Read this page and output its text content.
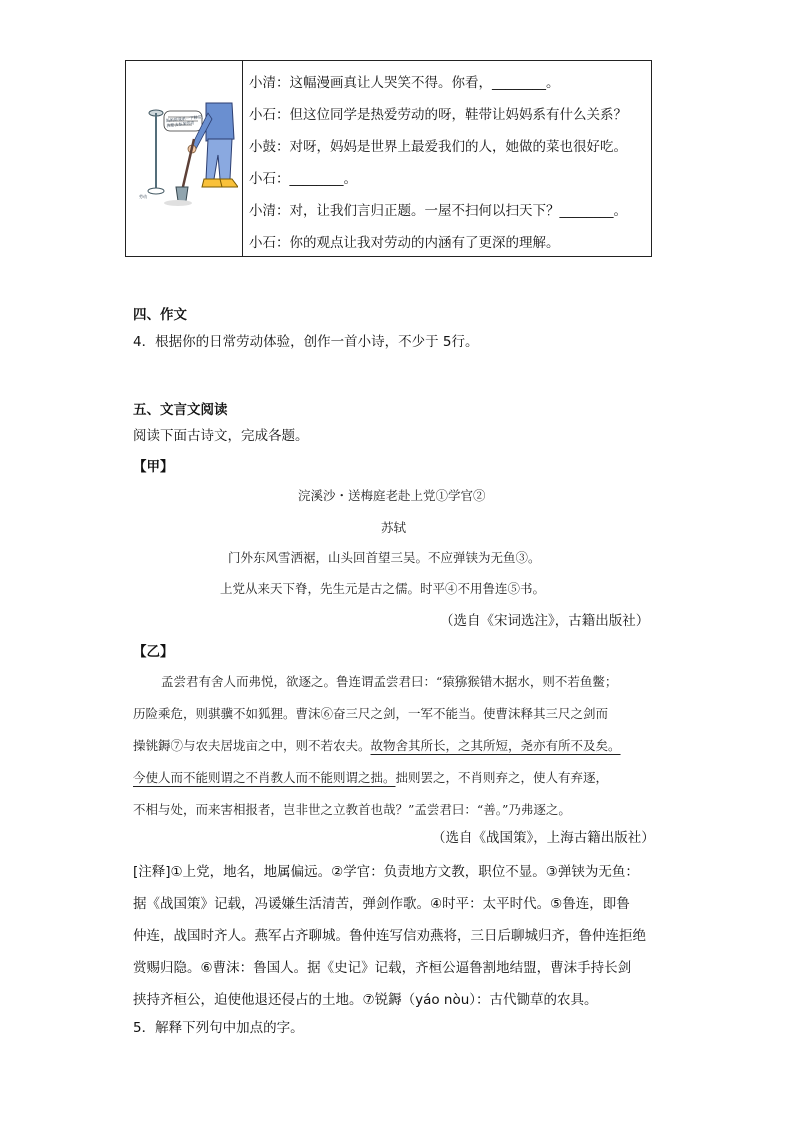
妈妈帮我系一下鞋带，我要去参加劳动
劳动
小清：这幅漫画真让人哭笑不得。你看，________。
小石：但这位同学是热爱劳动的呀，鞋带让妈妈系有什么关系？
小鼓：对呀，妈妈是世界上最爱我们的人，她做的菜也很好吃。
小石：________。
小清：对，让我们言归正题。一屋不扫何以扫天下？________。
小石：你的观点让我对劳动的内涵有了更深的理解。
四、作文
4．根据你的日常劳动体验，创作一首小诗，不少于 5行。
五、文言文阅读
阅读下面古诗文，完成各题。
【甲】
浣溪沙・送梅庭老赴上党①学官②
苏轼
门外东风雪洒裾，山头回首望三吴。不应弹铗为无鱼③。
上党从来天下脊，先生元是古之儒。时平④不用鲁连⑤书。
（选自《宋词选注》，古籍出版社）
【乙】
孟尝君有舍人而弗悦，欲逐之。鲁连谓孟尝君曰：“猿猕猴错木据水，则不若鱼鳖；
历险乘危，则骐骥不如狐狸。曹沫⑥奋三尺之剑，一军不能当。使曹沫释其三尺之剑而
操铫鎒⑦与农夫居垅亩之中，则不若农夫。故物舍其所长，之其所短，尧亦有所不及矣。
今使人而不能则谓之不肖教人而不能则谓之拙。拙则罢之，不肖则弃之，使人有弃逐，
不相与处，而来害相报者，岂非世之立教首也哉？”孟尝君曰：“善。”乃弗逐之。
（选自《战国策》，上海古籍出版社）

[注释]①上党，地名，地属偏远。②学官：负责地方文教，职位不显。③弹铗为无鱼：

据《战国策》记载，冯谖嫌生活清苦，弹剑作歌。④时平：太平时代。⑤鲁连，即鲁

仲连，战国时齐人。燕军占齐聊城。鲁仲连写信劝燕将，三日后聊城归齐，鲁仲连拒绝

赏赐归隐。⑥曹沫：鲁国人。据《史记》记载，齐桓公逼鲁割地结盟，曹沫手持长剑

挟持齐桓公，迫使他退还侵占的土地。⑦锐鎒（yáo nòu）：古代锄草的农具。

5．解释下列句中加点的字。
